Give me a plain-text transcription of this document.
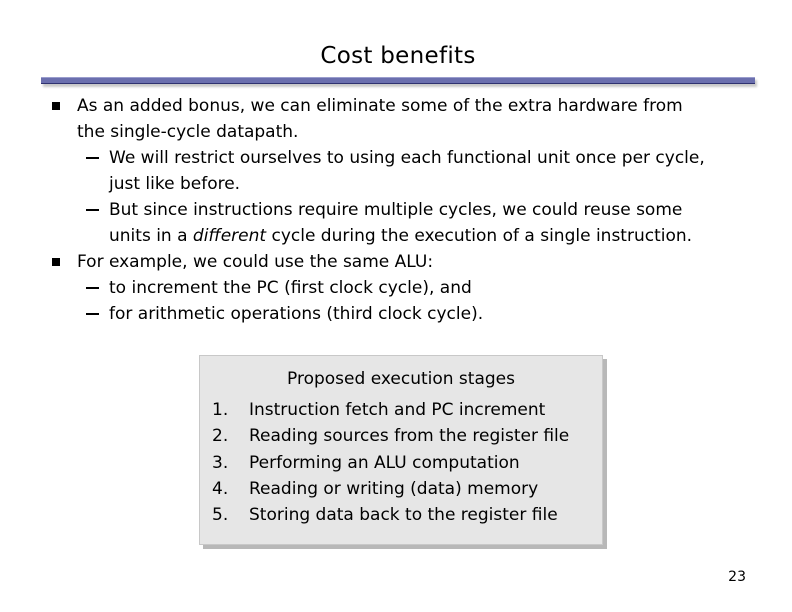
Cost benefits

As an added bonus, we can eliminate some of the extra hardware from

the single-cycle datapath.

We will restrict ourselves to using each functional unit once per cycle,

just like before.

But since instructions require multiple cycles, we could reuse some

units in a different cycle during the execution of a single instruction.

For example, we could use the same ALU:

to increment the PC (first clock cycle), and

for arithmetic operations (third clock cycle).

Proposed execution stages
1.	Instruction fetch and PC increment
2.	Reading sources from the register file
3.	Performing an ALU computation
4.	Reading or writing (data) memory
5.	Storing data back to the register file
23
